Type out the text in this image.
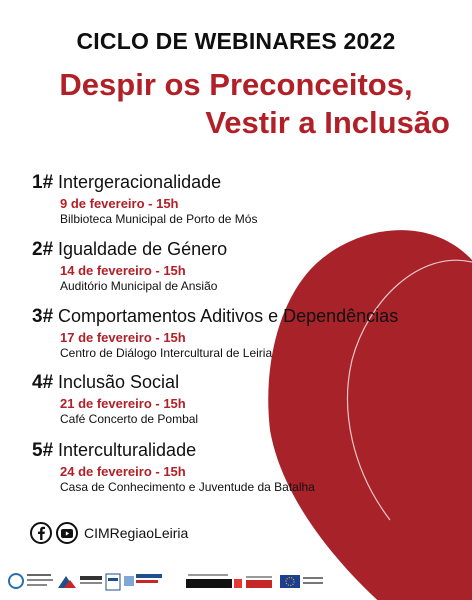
CICLO DE WEBINARES 2022
Despir os Preconceitos,
Vestir a Inclusão
1# Intergeracionalidade
9 de fevereiro - 15h
Bilbioteca Municipal de Porto de Mós
2# Igualdade de Género
14 de fevereiro - 15h
Auditório Municipal de Ansião
3# Comportamentos Aditivos e Dependências
17 de fevereiro - 15h
Centro de Diálogo Intercultural de Leiria
4# Inclusão Social
21 de fevereiro - 15h
Café Concerto de Pombal
5# Interculturalidade
24 de fevereiro - 15h
Casa de Conhecimento e Juventude da Batalha
CIMRegiaoLeiria
